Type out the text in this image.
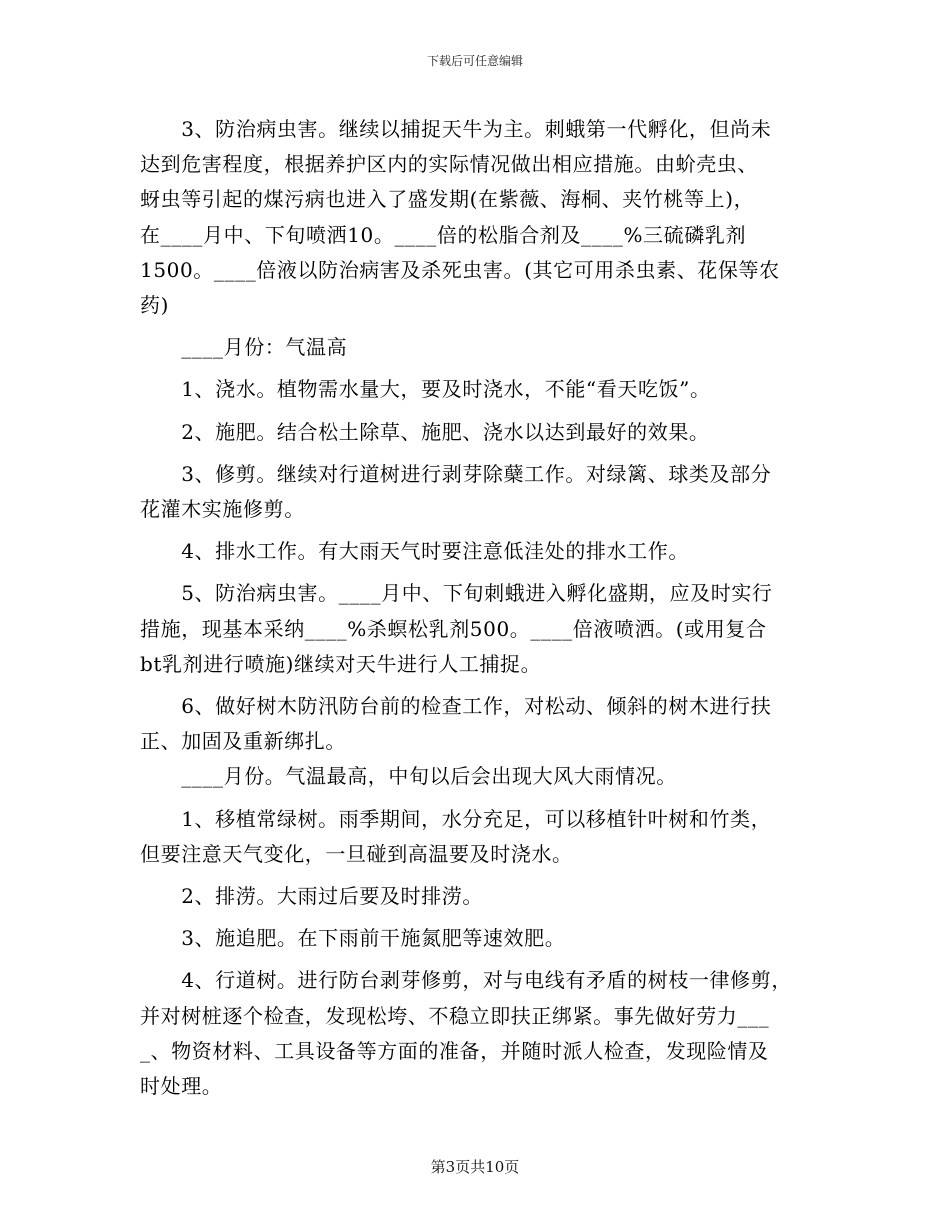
下载后可任意编辑
　　3、防治病虫害。继续以捕捉天牛为主。刺蛾第一代孵化，但尚未
达到危害程度，根据养护区内的实际情况做出相应措施。由蚧壳虫、
蚜虫等引起的煤污病也进入了盛发期(在紫薇、海桐、夹竹桃等上)，
在____月中、下旬喷洒10。____倍的松脂合剂及____%三硫磷乳剂
1500。____倍液以防治病害及杀死虫害。(其它可用杀虫素、花保等农
药)
　　____月份：气温高
　　1、浇水。植物需水量大，要及时浇水，不能“看天吃饭”。
　　2、施肥。结合松土除草、施肥、浇水以达到最好的效果。
　　3、修剪。继续对行道树进行剥芽除蘖工作。对绿篱、球类及部分
花灌木实施修剪。
　　4、排水工作。有大雨天气时要注意低洼处的排水工作。
　　5、防治病虫害。____月中、下旬刺蛾进入孵化盛期，应及时实行
措施，现基本采纳____%杀螟松乳剂500。____倍液喷洒。(或用复合
bt乳剂进行喷施)继续对天牛进行人工捕捉。
　　6、做好树木防汛防台前的检查工作，对松动、倾斜的树木进行扶
正、加固及重新绑扎。
　　____月份。气温最高，中旬以后会出现大风大雨情况。
　　1、移植常绿树。雨季期间，水分充足，可以移植针叶树和竹类，
但要注意天气变化，一旦碰到高温要及时浇水。
　　2、排涝。大雨过后要及时排涝。
　　3、施追肥。在下雨前干施氮肥等速效肥。
　　4、行道树。进行防台剥芽修剪，对与电线有矛盾的树枝一律修剪，
并对树桩逐个检查，发现松垮、不稳立即扶正绑紧。事先做好劳力___
_、物资材料、工具设备等方面的准备，并随时派人检查，发现险情及
时处理。
第3页共10页
